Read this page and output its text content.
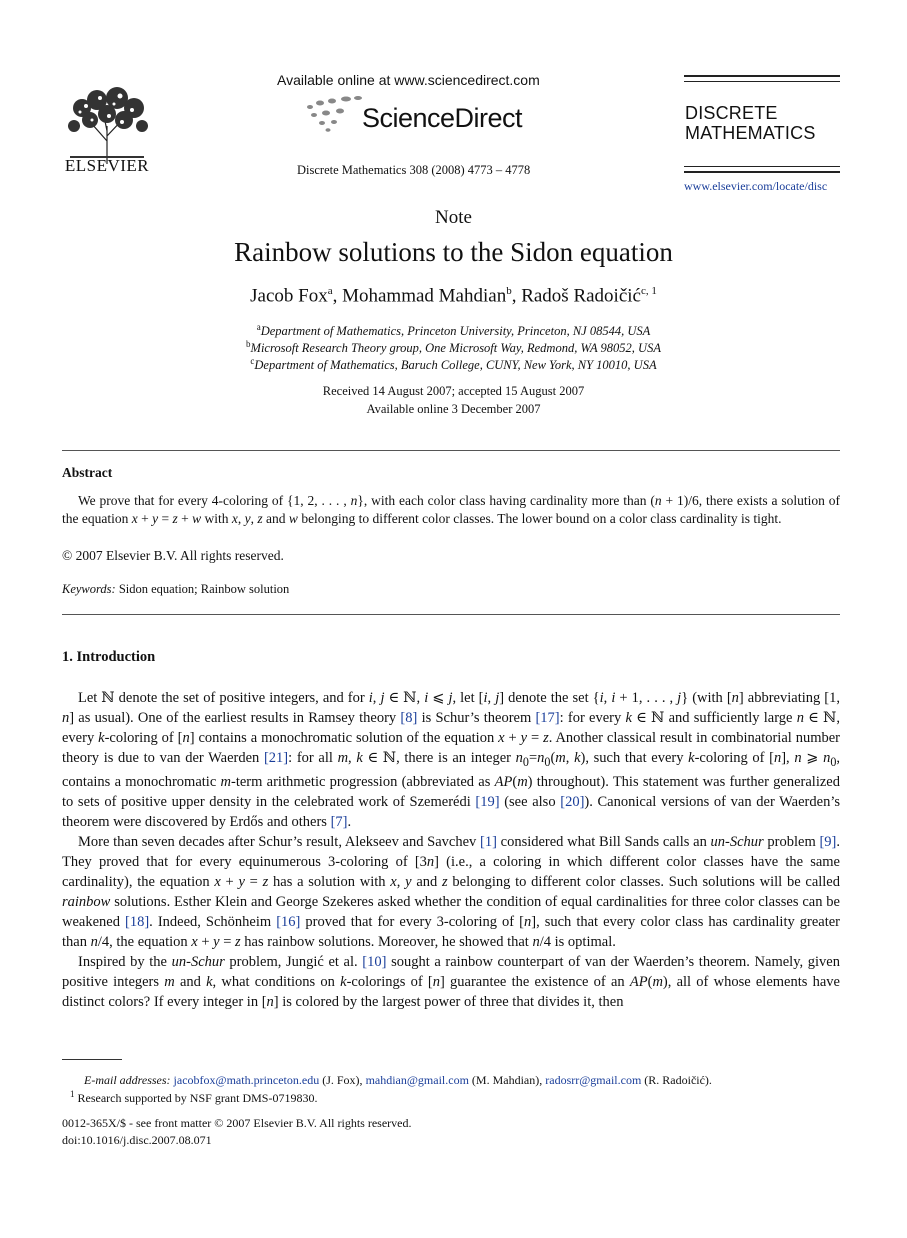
ELSEVIER
Available online at www.sciencedirect.com
ScienceDirect
Discrete Mathematics 308 (2008) 4773 – 4778
DISCRETE
MATHEMATICS
www.elsevier.com/locate/disc
Note
Rainbow solutions to the Sidon equation
Jacob Fox$^a$, Mohammad Mahdian$^b$, Radoš Radoičić$^{c, 1}$
$^a$Department of Mathematics, Princeton University, Princeton, NJ 08544, USA
$^b$Microsoft Research Theory group, One Microsoft Way, Redmond, WA 98052, USA
$^c$Department of Mathematics, Baruch College, CUNY, New York, NY 10010, USA
Received 14 August 2007; accepted 15 August 2007
Available online 3 December 2007
Abstract

We prove that for every 4-coloring of {1, 2, . . . , n}, with each color class having cardinality more than (n + 1)/6, there exists a solution of the equation x + y = z + w with x, y, z and w belonging to different color classes. The lower bound on a color class cardinality is tight.

© 2007 Elsevier B.V. All rights reserved.
Keywords: Sidon equation; Rainbow solution
1. Introduction

Let ℕ denote the set of positive integers, and for i, j ∈ ℕ, i ⩽ j, let [i, j] denote the set {i, i + 1, . . . , j} (with [n] abbreviating [1, n] as usual). One of the earliest results in Ramsey theory [8] is Schur’s theorem [17]: for every k ∈ ℕ and sufficiently large n ∈ ℕ, every k-coloring of [n] contains a monochromatic solution of the equation x + y = z. Another classical result in combinatorial number theory is due to van der Waerden [21]: for all m, k ∈ ℕ, there is an integer $n_0=n_0(m$, k), such that every k-coloring of [n], n ⩾ $n_0$, contains a monochromatic m-term arithmetic progression (abbreviated as AP(m) throughout). This statement was further generalized to sets of positive upper density in the celebrated work of Szemerédi [19] (see also [20]). Canonical versions of van der Waerden’s theorem were discovered by Erdős and others [7].

More than seven decades after Schur’s result, Alekseev and Savchev [1] considered what Bill Sands calls an un-Schur problem [9]. They proved that for every equinumerous 3-coloring of [3n] (i.e., a coloring in which different color classes have the same cardinality), the equation x + y = z has a solution with x, y and z belonging to different color classes. Such solutions will be called rainbow solutions. Esther Klein and George Szekeres asked whether the condition of equal cardinalities for three color classes can be weakened [18]. Indeed, Schönheim [16] proved that for every 3-coloring of [n], such that every color class has cardinality greater than n/4, the equation x + y = z has rainbow solutions. Moreover, he showed that n/4 is optimal.

Inspired by the un-Schur problem, Jungić et al. [10] sought a rainbow counterpart of van der Waerden’s theorem. Namely, given positive integers m and k, what conditions on k-colorings of [n] guarantee the existence of an AP(m), all of whose elements have distinct colors? If every integer in [n] is colored by the largest power of three that divides it, then

E-mail addresses: jacobfox@math.princeton.edu (J. Fox), mahdian@gmail.com (M. Mahdian), radosrr@gmail.com (R. Radoičić).
$^1$ Research supported by NSF grant DMS-0719830.
0012-365X/$ - see front matter © 2007 Elsevier B.V. All rights reserved.
doi:10.1016/j.disc.2007.08.071
